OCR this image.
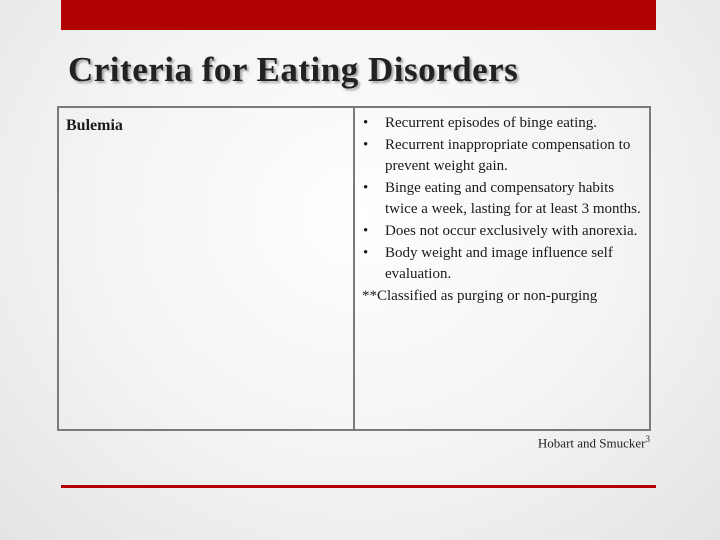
Criteria for Eating Disorders
Bulemia	• Recurrent episodes of binge eating.
• Recurrent inappropriate compensation to prevent weight gain.
• Binge eating and compensatory habits twice a week, lasting for at least 3 months.
• Does not occur exclusively with anorexia.
• Body weight and image influence self evaluation.

**Classified as purging or non-purging

Hobart and Smucker$^3$
